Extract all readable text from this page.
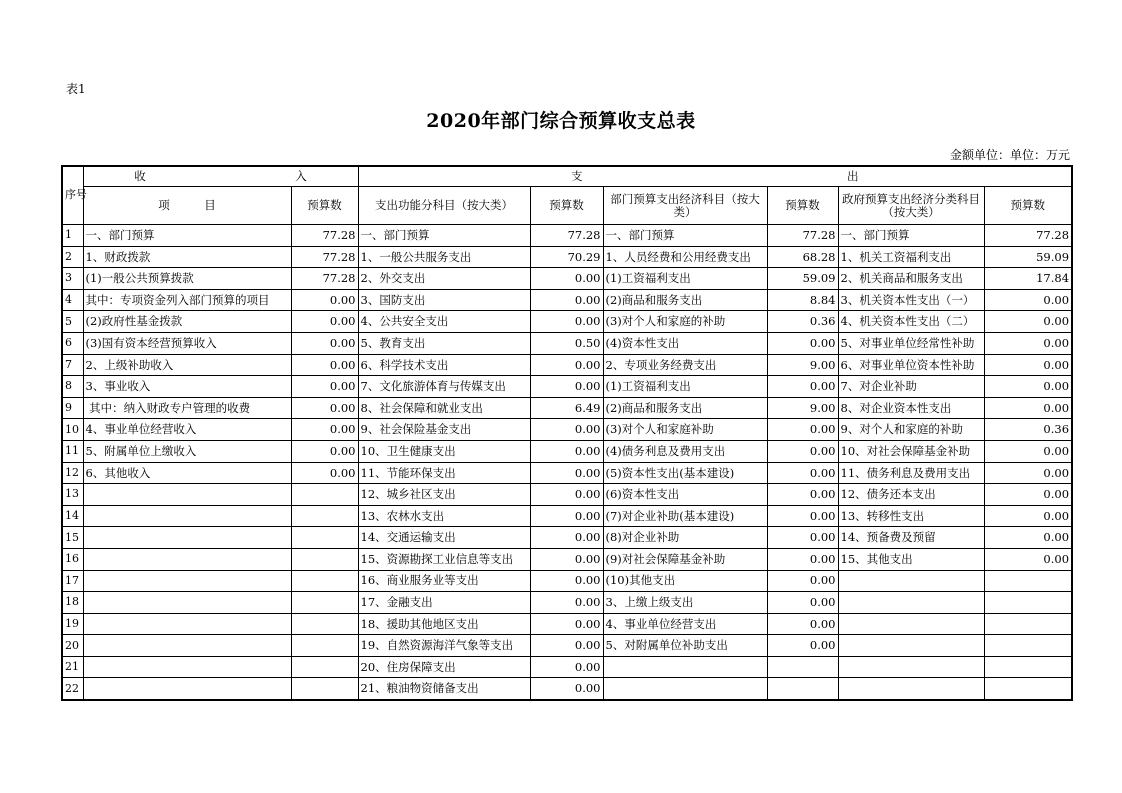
表1
2020年部门综合预算收支总表
金额单位：单位：万元
序号	收　　　　　　　　　　　　　入		支　　　　　　　　　　　　　　　　　　　　　　　出					
	项　　　目	预算数	支出功能分科目（按大类）	预算数	部门预算支出经济科目（按大类）	预算数	政府预算支出经济分类科目（按大类）	预算数
1	一、部门预算	77.28	一、部门预算	77.28	一、部门预算	77.28	一、部门预算	77.28
2	1、财政拨款	77.28	1、一般公共服务支出	70.29	1、人员经费和公用经费支出	68.28	1、机关工资福利支出	59.09
3	(1)一般公共预算拨款	77.28	2、外交支出	0.00	(1)工资福利支出	59.09	2、机关商品和服务支出	17.84
4	其中：专项资金列入部门预算的项目	0.00	3、国防支出	0.00	(2)商品和服务支出	8.84	3、机关资本性支出（一）	0.00
5	(2)政府性基金拨款	0.00	4、公共安全支出	0.00	(3)对个人和家庭的补助	0.36	4、机关资本性支出（二）	0.00
6	(3)国有资本经营预算收入	0.00	5、教育支出	0.50	(4)资本性支出	0.00	5、对事业单位经常性补助	0.00
7	2、上级补助收入	0.00	6、科学技术支出	0.00	2、专项业务经费支出	9.00	6、对事业单位资本性补助	0.00
8	3、事业收入	0.00	7、文化旅游体育与传媒支出	0.00	(1)工资福利支出	0.00	7、对企业补助	0.00
9	其中：纳入财政专户管理的收费	0.00	8、社会保障和就业支出	6.49	(2)商品和服务支出	9.00	8、对企业资本性支出	0.00
10	4、事业单位经营收入	0.00	9、社会保险基金支出	0.00	(3)对个人和家庭补助	0.00	9、对个人和家庭的补助	0.36
11	5、附属单位上缴收入	0.00	10、卫生健康支出	0.00	(4)债务利息及费用支出	0.00	10、对社会保障基金补助	0.00
12	6、其他收入	0.00	11、节能环保支出	0.00	(5)资本性支出(基本建设)	0.00	11、债务利息及费用支出	0.00
13			12、城乡社区支出	0.00	(6)资本性支出	0.00	12、债务还本支出	0.00
14			13、农林水支出	0.00	(7)对企业补助(基本建设)	0.00	13、转移性支出	0.00
15			14、交通运输支出	0.00	(8)对企业补助	0.00	14、预备费及预留	0.00
16			15、资源勘探工业信息等支出	0.00	(9)对社会保障基金补助	0.00	15、其他支出	0.00
17			16、商业服务业等支出	0.00	(10)其他支出	0.00		
18			17、金融支出	0.00	3、上缴上级支出	0.00		
19			18、援助其他地区支出	0.00	4、事业单位经营支出	0.00		
20			19、自然资源海洋气象等支出	0.00	5、对附属单位补助支出	0.00		
21			20、住房保障支出	0.00				
22			21、粮油物资储备支出	0.00				
